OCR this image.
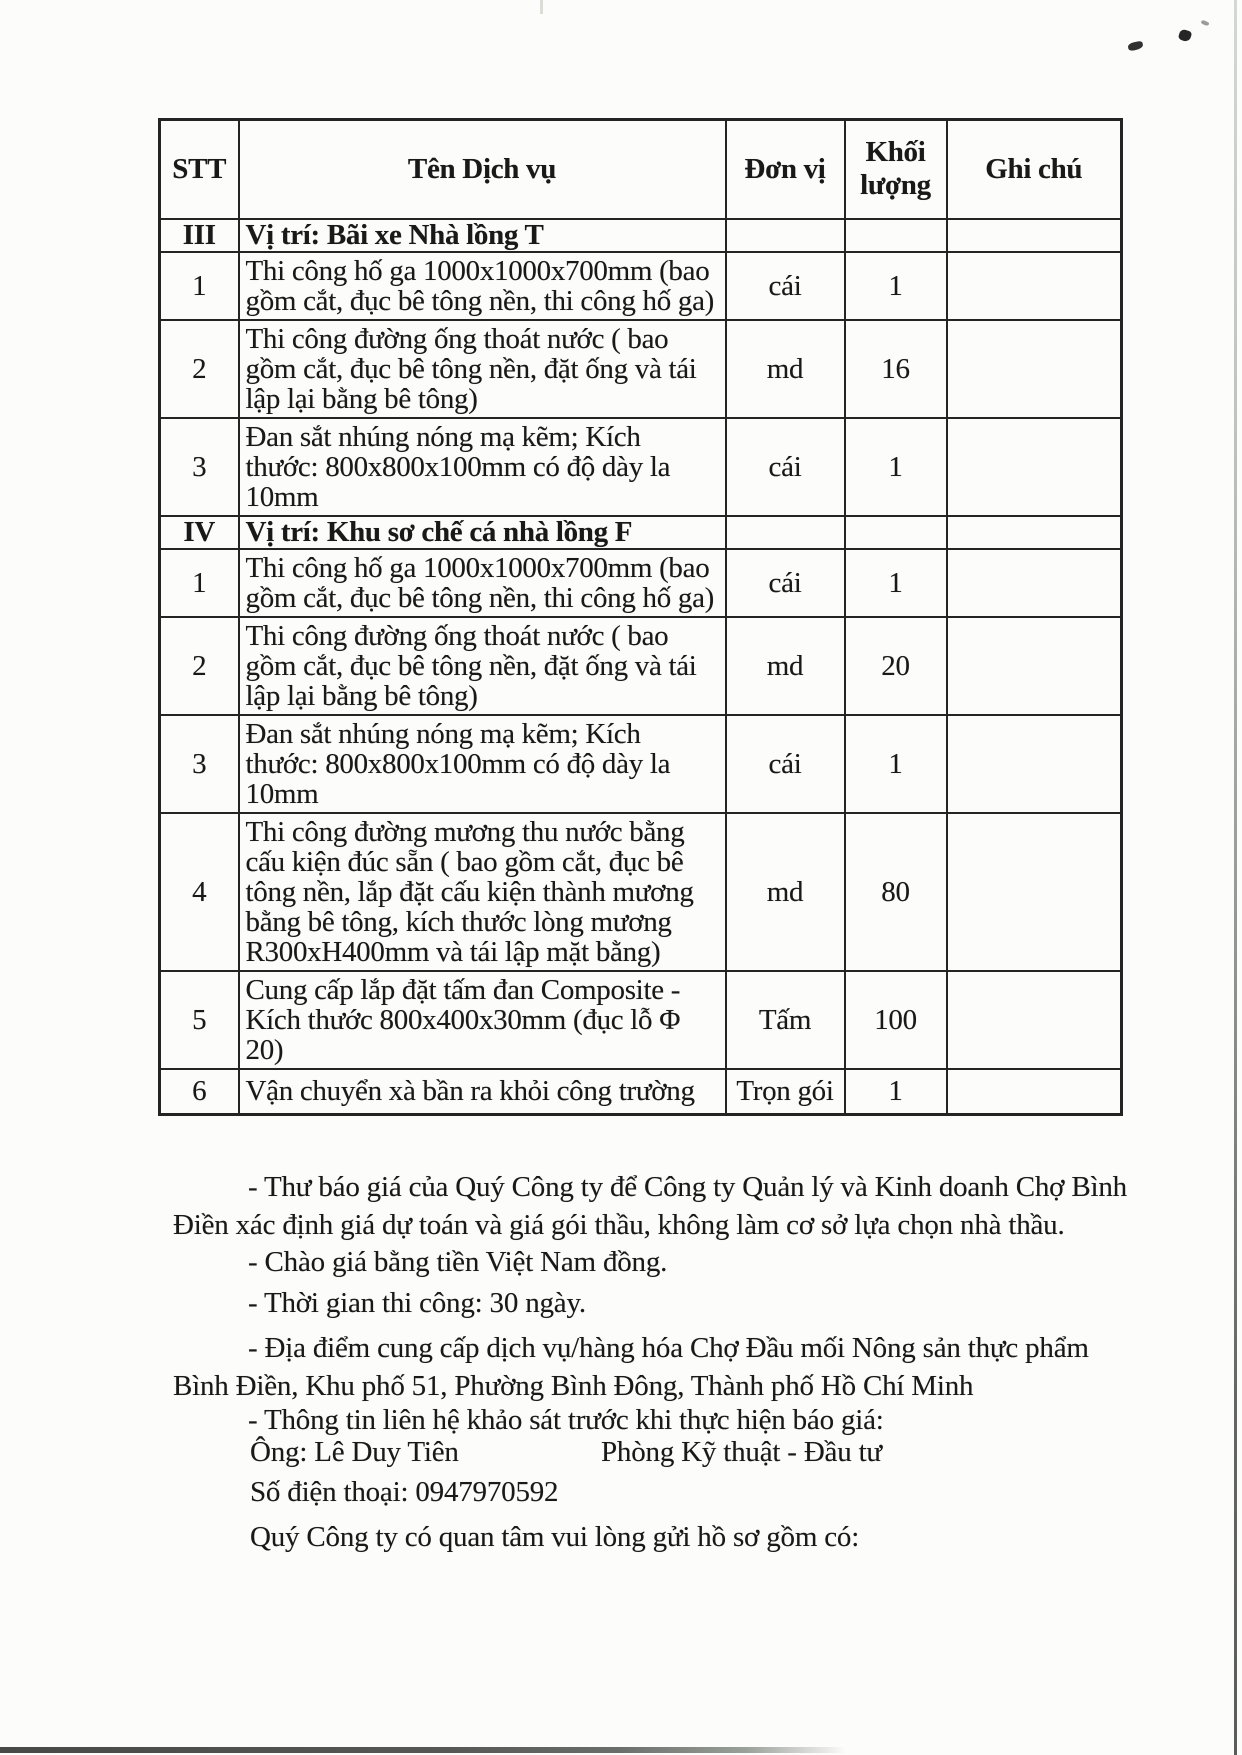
STT	Tên Dịch vụ	Đơn vị	Khối lượng	Ghi chú
III	Vị trí: Bãi xe Nhà lồng T			
1	Thi công hố ga 1000x1000x700mm (bao gồm cắt, đục bê tông nền, thi công hố ga)	cái	1	
2	Thi công đường ống thoát nước ( bao gồm cắt, đục bê tông nền, đặt ống và tái lập lại bằng bê tông)	md	16	
3	Đan sắt nhúng nóng mạ kẽm; Kích thước: 800x800x100mm có độ dày la 10mm	cái	1	
IV	Vị trí: Khu sơ chế cá nhà lồng F			
1	Thi công hố ga 1000x1000x700mm (bao gồm cắt, đục bê tông nền, thi công hố ga)	cái	1	
2	Thi công đường ống thoát nước ( bao gồm cắt, đục bê tông nền, đặt ống và tái lập lại bằng bê tông)	md	20	
3	Đan sắt nhúng nóng mạ kẽm; Kích thước: 800x800x100mm có độ dày la 10mm	cái	1	
4	Thi công đường mương thu nước bằng cấu kiện đúc sẵn ( bao gồm cắt, đục bê tông nền, lắp đặt cấu kiện thành mương bằng bê tông, kích thước lòng mương R300xH400mm và tái lập mặt bằng)	md	80	
5	Cung cấp lắp đặt tấm đan Composite - Kích thước 800x400x30mm (đục lỗ Φ 20)	Tấm	100	
6	Vận chuyển xà bần ra khỏi công trường	Trọn gói	1	

- Thư báo giá của Quý Công ty để Công ty Quản lý và Kinh doanh Chợ Bình Điền xác định giá dự toán và giá gói thầu, không làm cơ sở lựa chọn nhà thầu.

- Chào giá bằng tiền Việt Nam đồng.

- Thời gian thi công: 30 ngày.

- Địa điểm cung cấp dịch vụ/hàng hóa Chợ Đầu mối Nông sản thực phẩm Bình Điền, Khu phố 51, Phường Bình Đông, Thành phố Hồ Chí Minh

- Thông tin liên hệ khảo sát trước khi thực hiện báo giá:

Ông: Lê Duy Tiên	Phòng Kỹ thuật - Đầu tư

Số điện thoại: 0947970592

Quý Công ty có quan tâm vui lòng gửi hồ sơ gồm có:
